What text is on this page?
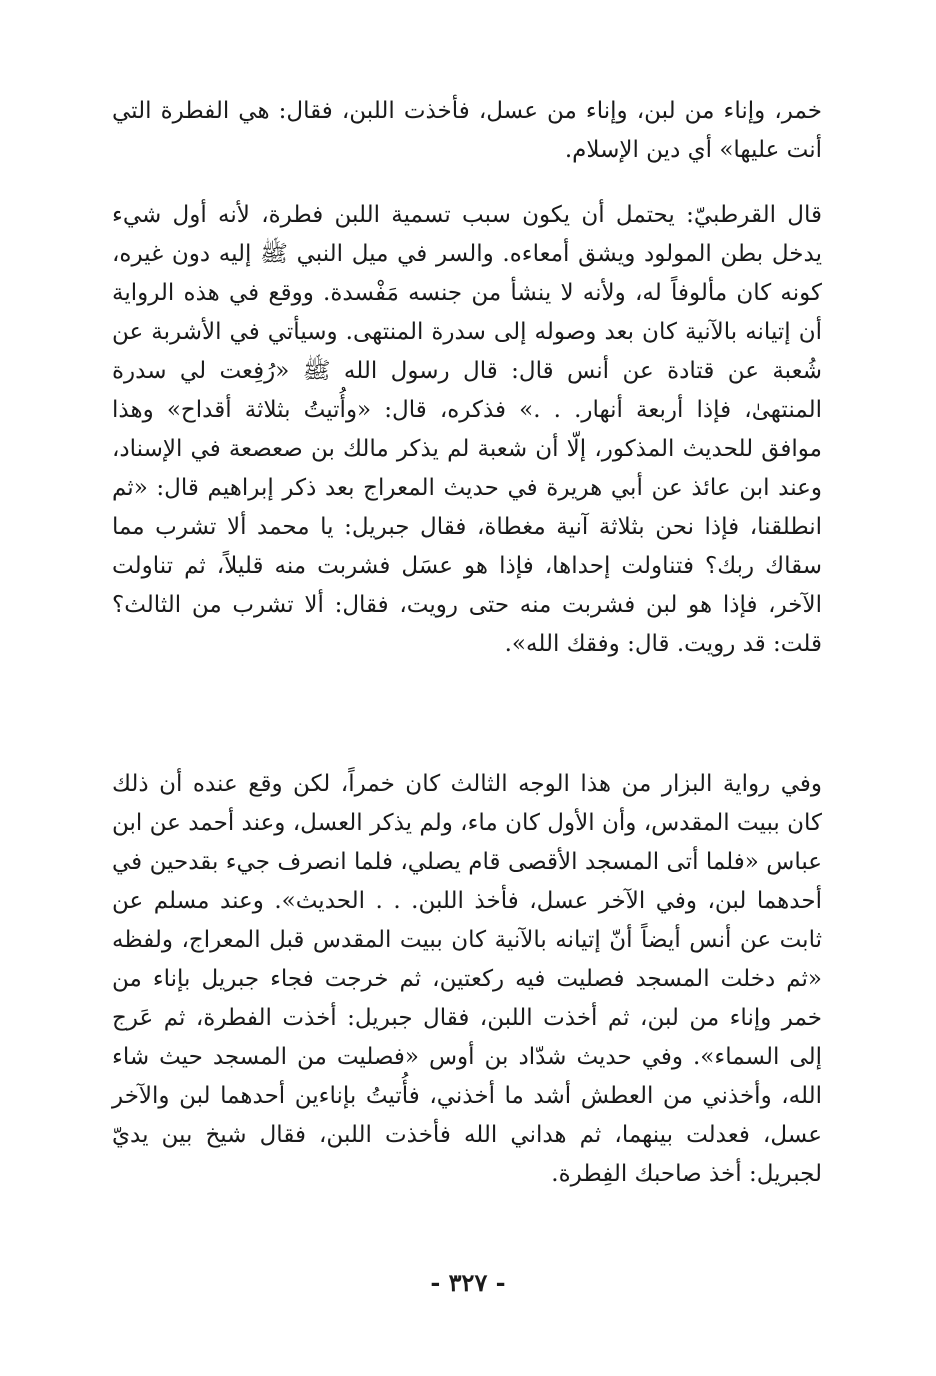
خمر، وإناء من لبن، وإناء من عسل، فأخذت اللبن، فقال: هي الفطرة التي أنت عليها» أي دين الإسلام.

قال القرطبيّ: يحتمل أن يكون سبب تسمية اللبن فطرة، لأنه أول شيء يدخل بطن المولود ويشق أمعاءه. والسر في ميل النبي ﷺ إليه دون غيره، كونه كان مألوفاً له، ولأنه لا ينشأ من جنسه مَفْسدة. ووقع في هذه الرواية أن إتيانه بالآنية كان بعد وصوله إلى سدرة المنتهى. وسيأتي في الأشربة عن شُعبة عن قتادة عن أنس قال: قال رسول الله ﷺ «رُفِعت لي سدرة المنتهىٰ، فإذا أربعة أنهار. . .» فذكره، قال: «وأُتيتُ بثلاثة أقداح» وهذا موافق للحديث المذكور، إلّا أن شعبة لم يذكر مالك بن صعصعة في الإسناد، وعند ابن عائذ عن أبي هريرة في حديث المعراج بعد ذكر إبراهيم قال: «ثم انطلقنا، فإذا نحن بثلاثة آنية مغطاة، فقال جبريل: يا محمد ألا تشرب مما سقاك ربك؟ فتناولت إحداها، فإذا هو عسَل فشربت منه قليلاً، ثم تناولت الآخر، فإذا هو لبن فشربت منه حتى رويت، فقال: ألا تشرب من الثالث؟ قلت: قد رويت. قال: وفقك الله».

وفي رواية البزار من هذا الوجه الثالث كان خمراً، لكن وقع عنده أن ذلك كان ببيت المقدس، وأن الأول كان ماء، ولم يذكر العسل، وعند أحمد عن ابن عباس «فلما أتى المسجد الأقصى قام يصلي، فلما انصرف جيء بقدحين في أحدهما لبن، وفي الآخر عسل، فأخذ اللبن. . . الحديث». وعند مسلم عن ثابت عن أنس أيضاً أنّ إتيانه بالآنية كان ببيت المقدس قبل المعراج، ولفظه «ثم دخلت المسجد فصليت فيه ركعتين، ثم خرجت فجاء جبريل بإناء من خمر وإناء من لبن، ثم أخذت اللبن، فقال جبريل: أخذت الفطرة، ثم عَرج إلى السماء». وفي حديث شدّاد بن أوس «فصليت من المسجد حيث شاء الله، وأخذني من العطش أشد ما أخذني، فأُتيتُ بإناءين أحدهما لبن والآخر عسل، فعدلت بينهما، ثم هداني الله فأخذت اللبن، فقال شيخ بين يديّ لجبريل: أخذ صاحبك الفِطرة.

- ٣٢٧ -
